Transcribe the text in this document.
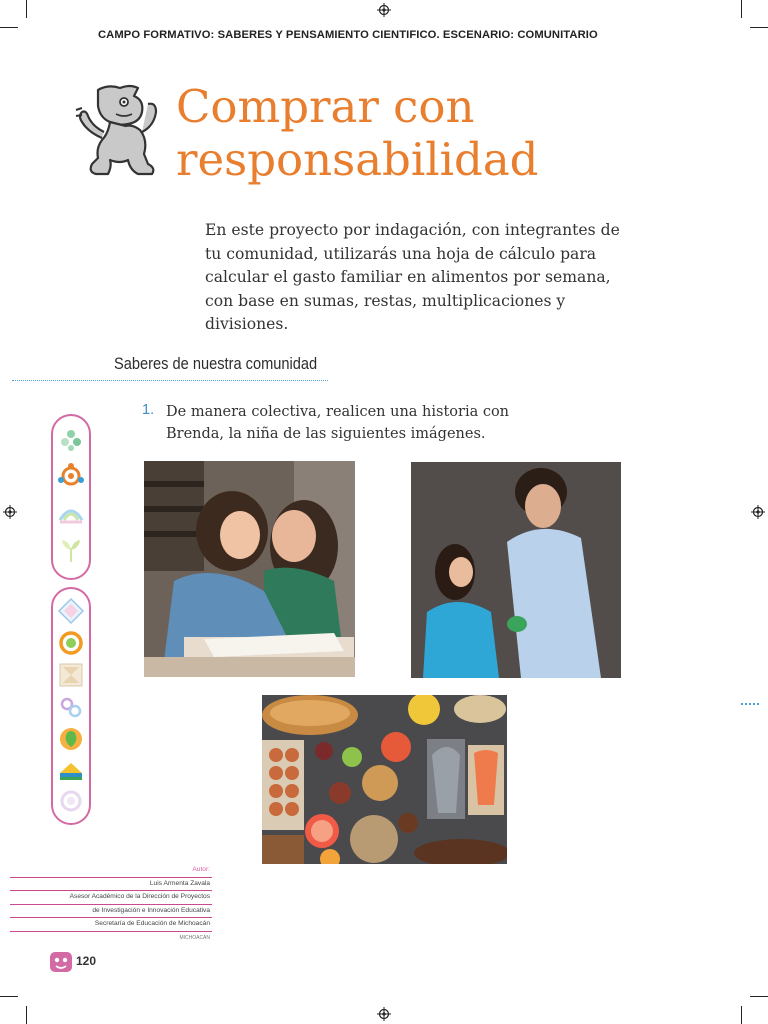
CAMPO FORMATIVO: SABERES Y PENSAMIENTO CIENTIFICO. ESCENARIO: COMUNITARIO
Comprar con
responsabilidad
En este proyecto por indagación, con integrantes de tu comunidad, utilizarás una hoja de cálculo para calcular el gasto familiar en alimentos por semana, con base en sumas, restas, multiplicaciones y divisiones.
Saberes de nuestra comunidad
1. De manera colectiva, realicen una historia con Brenda, la niña de las siguientes imágenes.
Autor:
Luis Armenta Zavala
Asesor Académico de la Dirección de Proyectos
de Investigación e Innovación Educativa
Secretaría de Educación de Michoacán
MICHOACÁN
120
